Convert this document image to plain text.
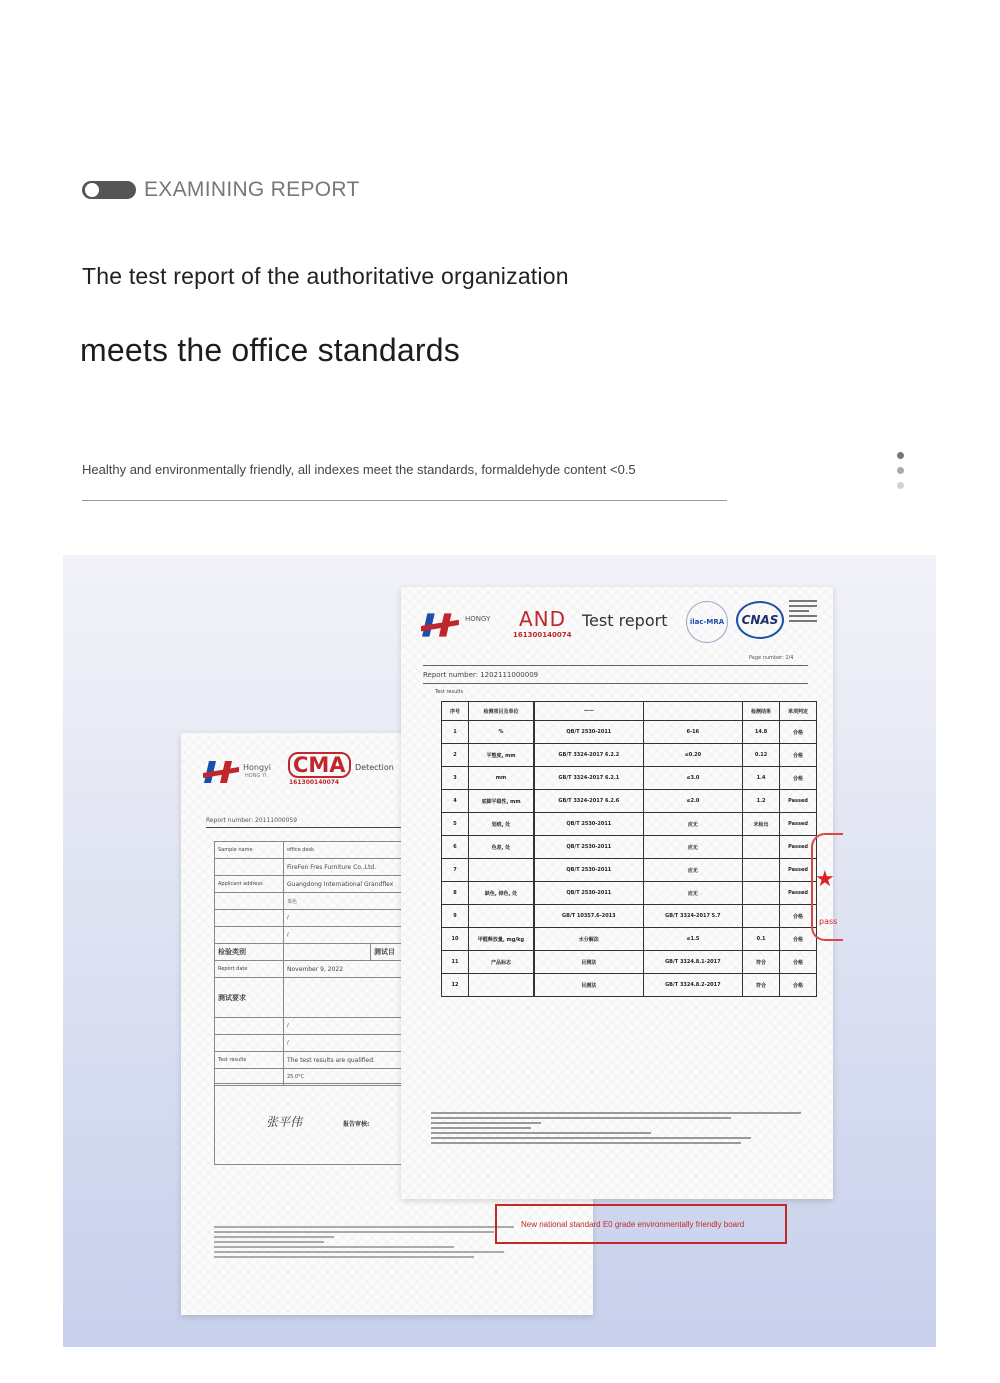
EXAMINING REPORT
The test report of the authoritative organization
meets the office standards
Healthy and environmentally friendly, all indexes meet the standards, formaldehyde content <0.5
Hongyi
HONG YI CMA
161300140074
Detection
Report number: 20111000059
Sample name	office desk	
	FireFen Fres Furniture Co.,Ltd.	
Applicant address	Guangdong International Grandflex	
	茶色	
	/	
	/	
检验类别		测试目
Report date	November 9, 2022	
测试要求		
	/	
	/	
Test results	The test results are qualified.	
	25.0°C	
张平伟	报告审核:
HONGY AND
161300140074
Test report	ilac-MRA CNAS
Page number: 2/4
Report number: 1202111000009
Test results
序号	检测项目及单位		——		检测结果	单项判定
1	%		QB/T 2530-2011	6-16	14.8	合格
2	平整度, mm		GB/T 3324-2017 6.2.2	≤0.20	0.12	合格
3	mm		GB/T 3324-2017 6.2.1	≤3.0	1.4	合格
4	底脚平稳性, mm		GB/T 3324-2017 6.2.6	≤2.0	1.2	Passed
5	划痕, 处		QB/T 2530-2011	应无	未检出	Passed
6	色差, 处		QB/T 2530-2011	应无		Passed
7			QB/T 2530-2011	应无		Passed
8	缺色, 掉色, 处		QB/T 2530-2011	应无		Passed
9			GB/T 10357.6-2013	GB/T 3324-2017 5.7		合格
10	甲醛释放量, mg/kg		水分解法	≤1.5	0.1	合格
11	产品标志		目测法	GB/T 3324.8.1-2017	符合	合格
12			目测法	GB/T 3324.8.2-2017	符合	合格
★
pass
New national standard E0 grade environmentally friendly board
